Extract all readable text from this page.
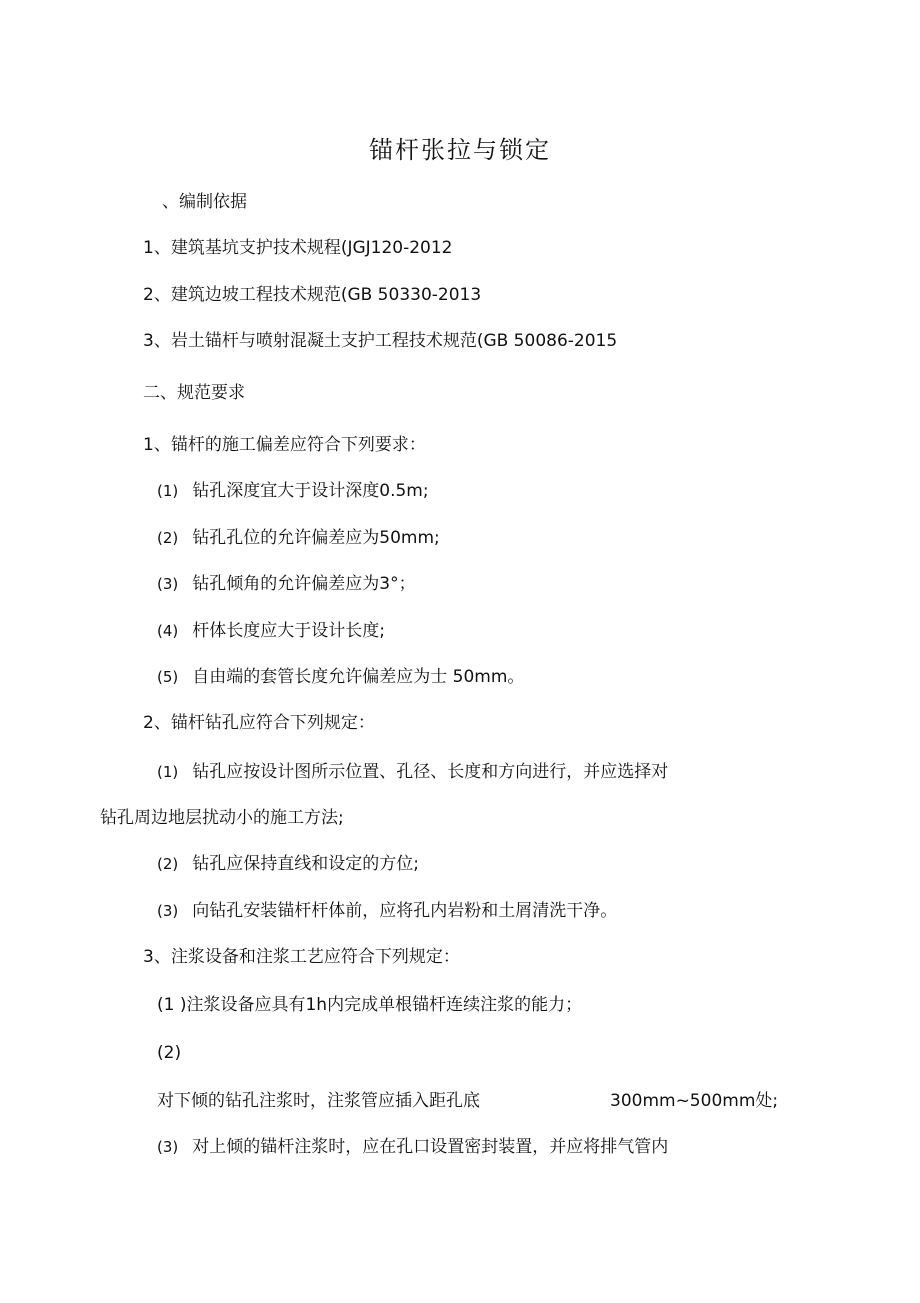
锚杆张拉与锁定
、编制依据
1、建筑基坑支护技术规程(JGJ120-2012
2、建筑边坡工程技术规范(GB 50330-2013
3、岩土锚杆与喷射混凝土支护工程技术规范(GB 50086-2015
二、规范要求
1、锚杆的施工偏差应符合下列要求：
(1) 钻孔深度宜大于设计深度0.5m;
(2) 钻孔孔位的允许偏差应为50mm;
(3) 钻孔倾角的允许偏差应为3°；
(4) 杆体长度应大于设计长度;
(5) 自由端的套管长度允许偏差应为士 50mm。
2、锚杆钻孔应符合下列规定：
(1) 钻孔应按设计图所示位置、孔径、长度和方向进行，并应选择对
钻孔周边地层扰动小的施工方法;
(2) 钻孔应保持直线和设定的方位;
(3) 向钻孔安装锚杆杆体前，应将孔内岩粉和土屑清洗干净。
3、注浆设备和注浆工艺应符合下列规定：
(1 )注浆设备应具有1h内完成单根锚杆连续注浆的能力；
(2)
对下倾的钻孔注浆时，注浆管应插入距孔底	300mm~500mm处;
(3) 对上倾的锚杆注浆时，应在孔口设置密封装置，并应将排气管内
